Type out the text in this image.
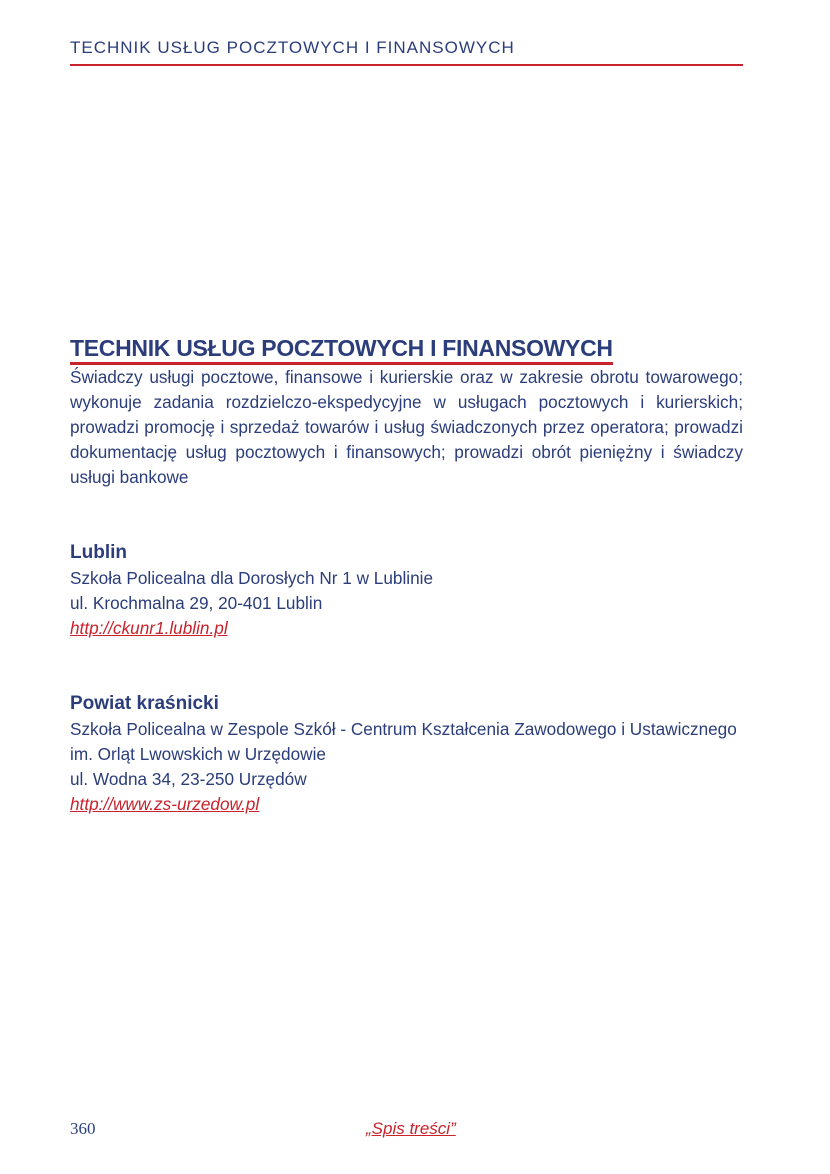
TECHNIK USŁUG POCZTOWYCH I FINANSOWYCH
TECHNIK USŁUG POCZTOWYCH I FINANSOWYCH
Świadczy usługi pocztowe, finansowe i kurierskie oraz w zakresie obrotu towarowego; wykonuje zadania rozdzielczo-ekspedycyjne w usługach pocztowych i kurierskich; prowadzi promocję i sprzedaż towarów i usług świadczonych przez operatora; prowadzi dokumentację usług pocztowych i finansowych; prowadzi obrót pieniężny i świadczy usługi bankowe
Lublin
Szkoła Policealna dla Dorosłych Nr 1 w Lublinie
ul. Krochmalna 29, 20-401 Lublin
http://ckunr1.lublin.pl
Powiat kraśnicki
Szkoła Policealna w Zespole Szkół - Centrum Kształcenia Zawodowego i Ustawicznego
im. Orląt Lwowskich w Urzędowie
ul. Wodna 34, 23-250 Urzędów
http://www.zs-urzedow.pl
360	„Spis treści”
